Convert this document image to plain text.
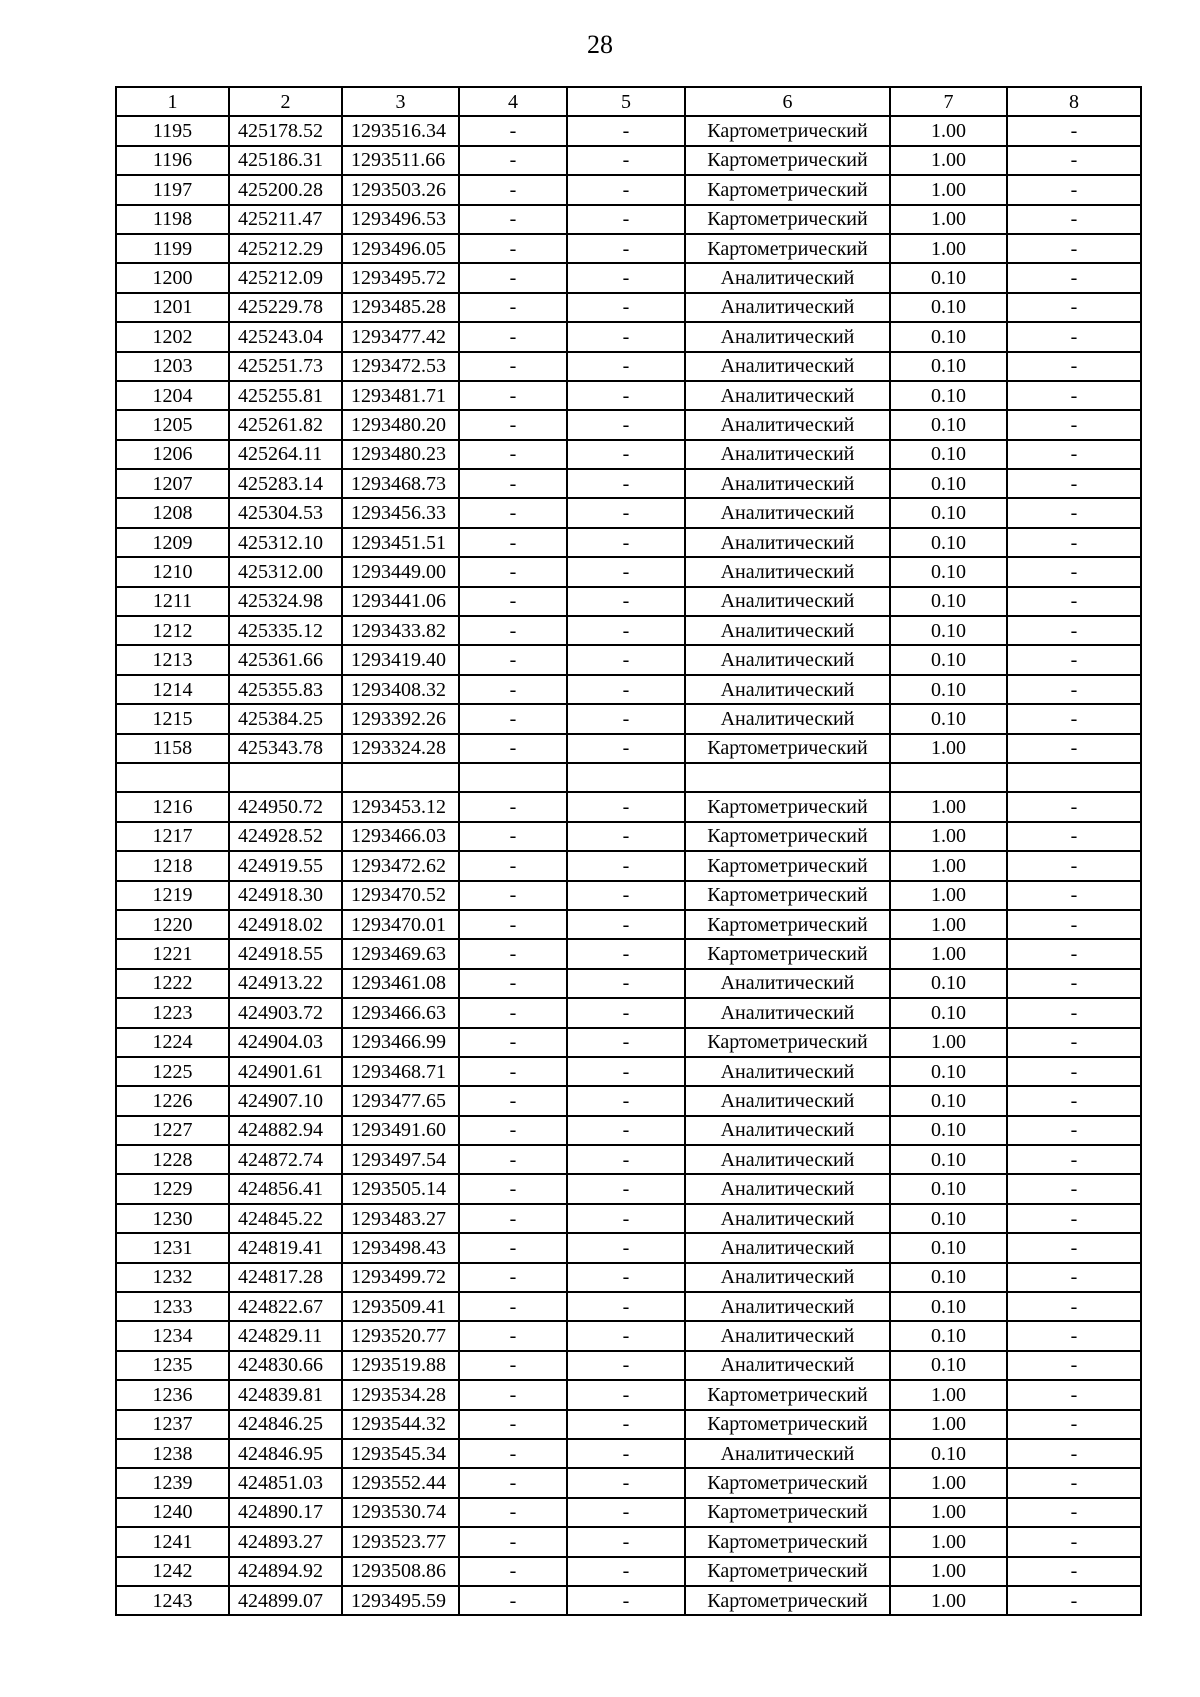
28
1	2	3	4	5	6	7	8
1195	425178.52	1293516.34	-	-	Картометрический	1.00	-
1196	425186.31	1293511.66	-	-	Картометрический	1.00	-
1197	425200.28	1293503.26	-	-	Картометрический	1.00	-
1198	425211.47	1293496.53	-	-	Картометрический	1.00	-
1199	425212.29	1293496.05	-	-	Картометрический	1.00	-
1200	425212.09	1293495.72	-	-	Аналитический	0.10	-
1201	425229.78	1293485.28	-	-	Аналитический	0.10	-
1202	425243.04	1293477.42	-	-	Аналитический	0.10	-
1203	425251.73	1293472.53	-	-	Аналитический	0.10	-
1204	425255.81	1293481.71	-	-	Аналитический	0.10	-
1205	425261.82	1293480.20	-	-	Аналитический	0.10	-
1206	425264.11	1293480.23	-	-	Аналитический	0.10	-
1207	425283.14	1293468.73	-	-	Аналитический	0.10	-
1208	425304.53	1293456.33	-	-	Аналитический	0.10	-
1209	425312.10	1293451.51	-	-	Аналитический	0.10	-
1210	425312.00	1293449.00	-	-	Аналитический	0.10	-
1211	425324.98	1293441.06	-	-	Аналитический	0.10	-
1212	425335.12	1293433.82	-	-	Аналитический	0.10	-
1213	425361.66	1293419.40	-	-	Аналитический	0.10	-
1214	425355.83	1293408.32	-	-	Аналитический	0.10	-
1215	425384.25	1293392.26	-	-	Аналитический	0.10	-
1158	425343.78	1293324.28	-	-	Картометрический	1.00	-

1216	424950.72	1293453.12	-	-	Картометрический	1.00	-
1217	424928.52	1293466.03	-	-	Картометрический	1.00	-
1218	424919.55	1293472.62	-	-	Картометрический	1.00	-
1219	424918.30	1293470.52	-	-	Картометрический	1.00	-
1220	424918.02	1293470.01	-	-	Картометрический	1.00	-
1221	424918.55	1293469.63	-	-	Картометрический	1.00	-
1222	424913.22	1293461.08	-	-	Аналитический	0.10	-
1223	424903.72	1293466.63	-	-	Аналитический	0.10	-
1224	424904.03	1293466.99	-	-	Картометрический	1.00	-
1225	424901.61	1293468.71	-	-	Аналитический	0.10	-
1226	424907.10	1293477.65	-	-	Аналитический	0.10	-
1227	424882.94	1293491.60	-	-	Аналитический	0.10	-
1228	424872.74	1293497.54	-	-	Аналитический	0.10	-
1229	424856.41	1293505.14	-	-	Аналитический	0.10	-
1230	424845.22	1293483.27	-	-	Аналитический	0.10	-
1231	424819.41	1293498.43	-	-	Аналитический	0.10	-
1232	424817.28	1293499.72	-	-	Аналитический	0.10	-
1233	424822.67	1293509.41	-	-	Аналитический	0.10	-
1234	424829.11	1293520.77	-	-	Аналитический	0.10	-
1235	424830.66	1293519.88	-	-	Аналитический	0.10	-
1236	424839.81	1293534.28	-	-	Картометрический	1.00	-
1237	424846.25	1293544.32	-	-	Картометрический	1.00	-
1238	424846.95	1293545.34	-	-	Аналитический	0.10	-
1239	424851.03	1293552.44	-	-	Картометрический	1.00	-
1240	424890.17	1293530.74	-	-	Картометрический	1.00	-
1241	424893.27	1293523.77	-	-	Картометрический	1.00	-
1242	424894.92	1293508.86	-	-	Картометрический	1.00	-
1243	424899.07	1293495.59	-	-	Картометрический	1.00	-
